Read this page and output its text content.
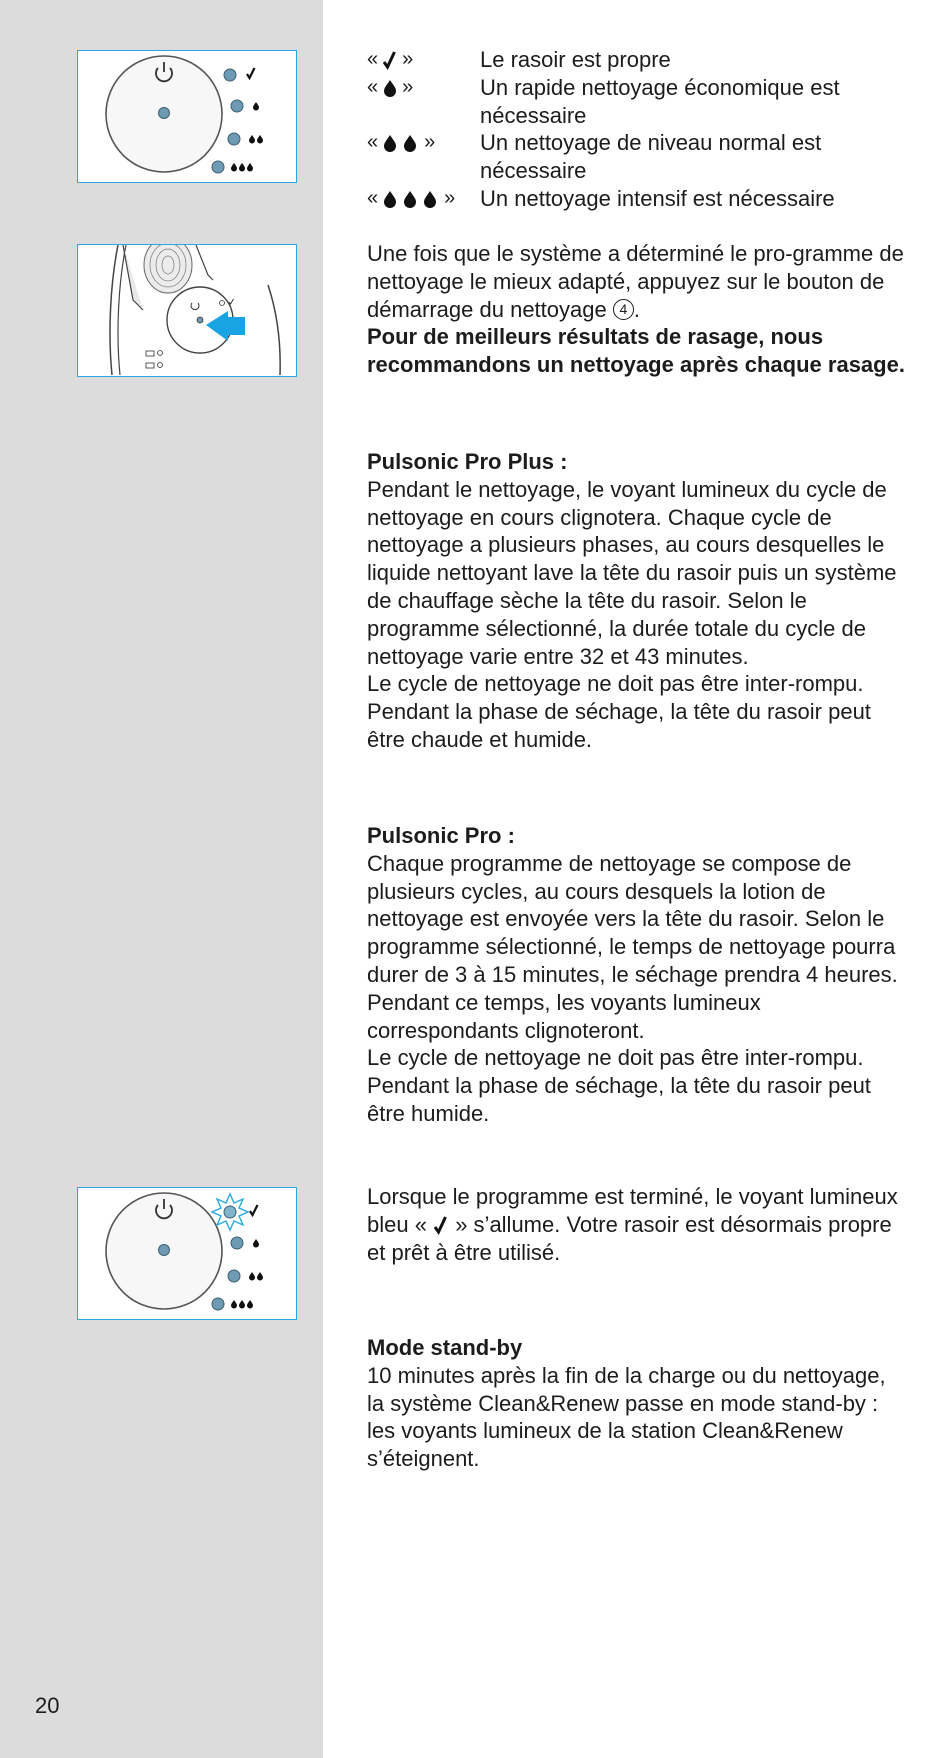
« »	Le rasoir est propre
« »	Un rapide nettoyage économique est nécessaire
« » Un nettoyage de niveau normal est nécessaire
«	» Un nettoyage intensif est nécessaire

Une fois que le système a déterminé le pro-gramme de nettoyage le mieux adapté, appuyez sur le bouton de démarrage du nettoyage 4 .

Pour de meilleurs résultats de rasage, nous recommandons un nettoyage après chaque rasage.

Pulsonic Pro Plus :

Pendant le nettoyage, le voyant lumineux du cycle de nettoyage en cours clignotera. Chaque cycle de nettoyage a plusieurs phases, au cours desquelles le liquide nettoyant lave la tête du rasoir puis un système de chauffage sèche la tête du rasoir. Selon le programme sélectionné, la durée totale du cycle de nettoyage varie entre 32 et 43 minutes.

Le cycle de nettoyage ne doit pas être inter-rompu. Pendant la phase de séchage, la tête du rasoir peut être chaude et humide.

Pulsonic Pro :

Chaque programme de nettoyage se compose de plusieurs cycles, au cours desquels la lotion de nettoyage est envoyée vers la tête du rasoir. Selon le programme sélectionné, le temps de nettoyage pourra durer de 3 à 15 minutes, le séchage prendra 4 heures. Pendant ce temps, les voyants lumineux correspondants clignoteront.

Le cycle de nettoyage ne doit pas être inter-rompu. Pendant la phase de séchage, la tête du rasoir peut être humide.

Lorsque le programme est terminé, le voyant lumineux bleu « » s’allume. Votre rasoir est désormais propre et prêt à être utilisé.

Mode stand-by

10 minutes après la fin de la charge ou du nettoyage, la système Clean&Renew passe en mode stand-by : les voyants lumineux de la station Clean&Renew s’éteignent.

20
